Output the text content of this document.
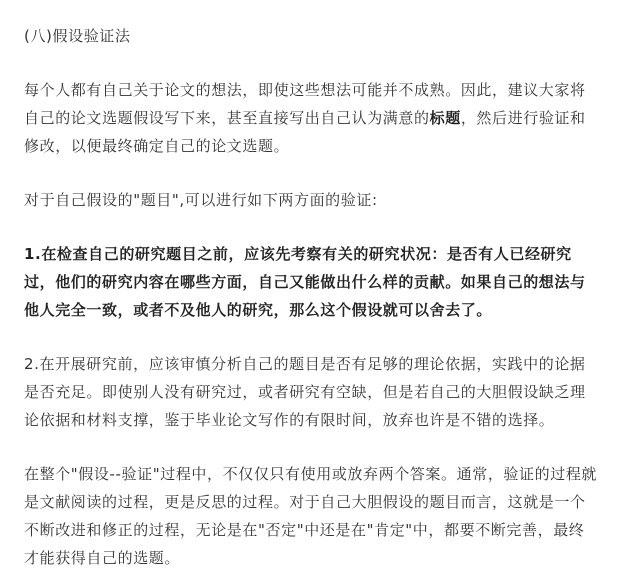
(八)假设验证法

每个人都有自己关于论文的想法，即使这些想法可能并不成熟。因此，建议大家将自己的论文选题假设写下来，甚至直接写出自己认为满意的标题，然后进行验证和修改，以便最终确定自己的论文选题。

对于自己假设的"题目",可以进行如下两方面的验证:

1.在检查自己的研究题目之前，应该先考察有关的研究状况：是否有人已经研究过，他们的研究内容在哪些方面，自己又能做出什么样的贡献。如果自己的想法与他人完全一致，或者不及他人的研究，那么这个假设就可以舍去了。

2.在开展研究前，应该审慎分析自己的题目是否有足够的理论依据，实践中的论据是否充足。即使别人没有研究过，或者研究有空缺，但是若自己的大胆假设缺乏理论依据和材料支撑，鉴于毕业论文写作的有限时间，放弃也许是不错的选择。

在整个"假设--验证"过程中，不仅仅只有使用或放弃两个答案。通常，验证的过程就是文献阅读的过程，更是反思的过程。对于自己大胆假设的题目而言，这就是一个不断改进和修正的过程，无论是在"否定"中还是在"肯定"中，都要不断完善，最终才能获得自己的选题。
